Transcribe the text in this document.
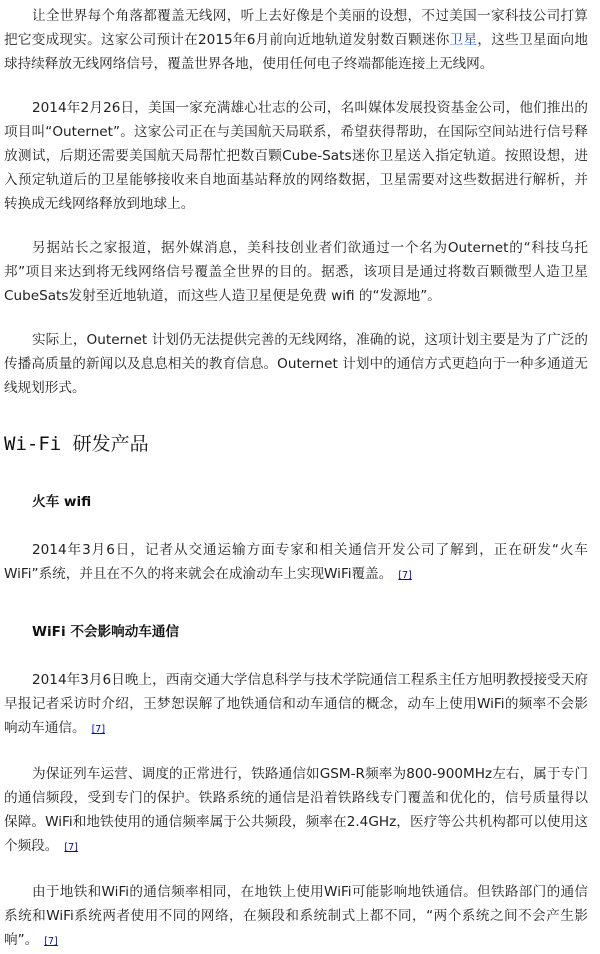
让全世界每个角落都覆盖无线网，听上去好像是个美丽的设想，不过美国一家科技公司打算把它变成现实。这家公司预计在2015年6月前向近地轨道发射数百颗迷你卫星，这些卫星面向地球持续释放无线网络信号，覆盖世界各地，使用任何电子终端都能连接上无线网。

2014年2月26日，美国一家充满雄心壮志的公司，名叫媒体发展投资基金公司，他们推出的项目叫“Outernet”。这家公司正在与美国航天局联系，希望获得帮助，在国际空间站进行信号释放测试，后期还需要美国航天局帮忙把数百颗Cube-Sats迷你卫星送入指定轨道。按照设想，进入预定轨道后的卫星能够接收来自地面基站释放的网络数据，卫星需要对这些数据进行解析，并转换成无线网络释放到地球上。

另据站长之家报道，据外媒消息，美科技创业者们欲通过一个名为Outernet的“科技乌托邦”项目来达到将无线网络信号覆盖全世界的目的。据悉，该项目是通过将数百颗微型人造卫星CubeSats发射至近地轨道，而这些人造卫星便是免费 wifi 的“发源地”。

实际上，Outernet 计划仍无法提供完善的无线网络，准确的说，这项计划主要是为了广泛的传播高质量的新闻以及息息相关的教育信息。Outernet 计划中的通信方式更趋向于一种多通道无线规划形式。

Wi-Fi 研发产品
火车 wifi

2014年3月6日，记者从交通运输方面专家和相关通信开发公司了解到，正在研发“火车WiFi”系统，并且在不久的将来就会在成渝动车上实现WiFi覆盖。 [7]

WiFi 不会影响动车通信

2014年3月6日晚上，西南交通大学信息科学与技术学院通信工程系主任方旭明教授接受天府早报记者采访时介绍，王梦恕误解了地铁通信和动车通信的概念，动车上使用WiFi的频率不会影响动车通信。 [7]

为保证列车运营、调度的正常进行，铁路通信如GSM-R频率为800-900MHz左右，属于专门的通信频段，受到专门的保护。铁路系统的通信是沿着铁路线专门覆盖和优化的，信号质量得以保障。WiFi和地铁使用的通信频率属于公共频段，频率在2.4GHz，医疗等公共机构都可以使用这个频段。 [7]

由于地铁和WiFi的通信频率相同，在地铁上使用WiFi可能影响地铁通信。但铁路部门的通信系统和WiFi系统两者使用不同的网络，在频段和系统制式上都不同，“两个系统之间不会产生影响”。 [7]
